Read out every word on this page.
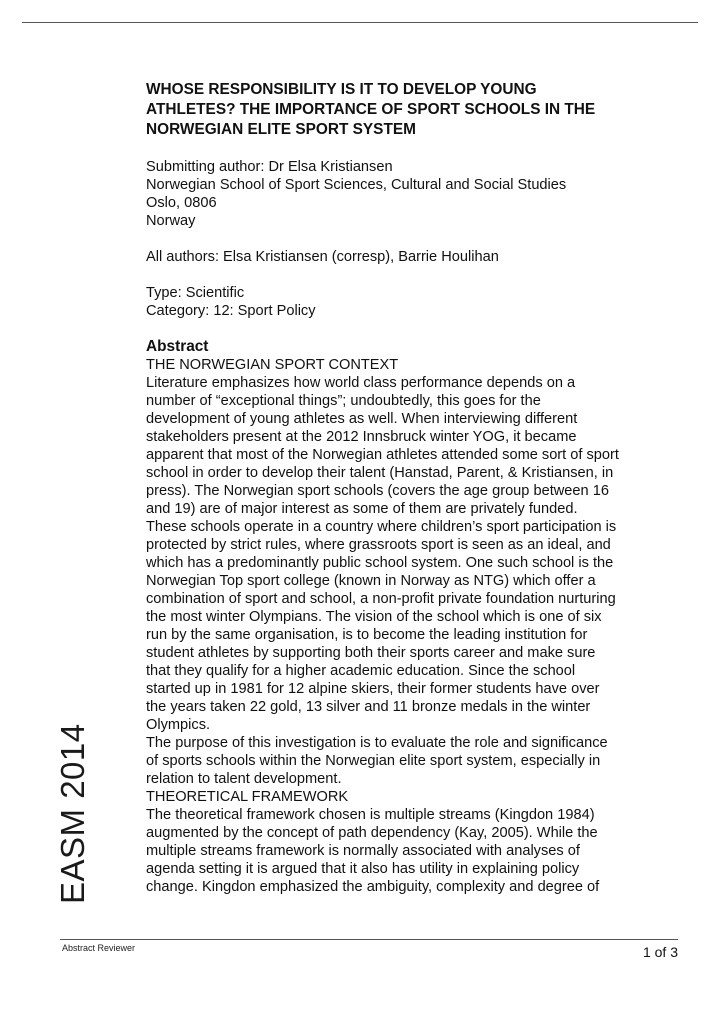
EASM 2014
WHOSE RESPONSIBILITY IS IT TO DEVELOP YOUNG
ATHLETES? THE IMPORTANCE OF SPORT SCHOOLS IN THE
NORWEGIAN ELITE SPORT SYSTEM
Submitting author: Dr Elsa Kristiansen
Norwegian School of Sport Sciences, Cultural and Social Studies
Oslo, 0806
Norway
All authors: Elsa Kristiansen (corresp), Barrie Houlihan
Type: Scientific
Category: 12: Sport Policy
Abstract
THE NORWEGIAN SPORT CONTEXT
Literature emphasizes how world class performance depends on a
number of “exceptional things”; undoubtedly, this goes for the
development of young athletes as well. When interviewing different
stakeholders present at the 2012 Innsbruck winter YOG, it became
apparent that most of the Norwegian athletes attended some sort of sport
school in order to develop their talent (Hanstad, Parent, & Kristiansen, in
press). The Norwegian sport schools (covers the age group between 16
and 19) are of major interest as some of them are privately funded.
These schools operate in a country where children’s sport participation is
protected by strict rules, where grassroots sport is seen as an ideal, and
which has a predominantly public school system. One such school is the
Norwegian Top sport college (known in Norway as NTG) which offer a
combination of sport and school, a non-profit private foundation nurturing
the most winter Olympians. The vision of the school which is one of six
run by the same organisation, is to become the leading institution for
student athletes by supporting both their sports career and make sure
that they qualify for a higher academic education. Since the school
started up in 1981 for 12 alpine skiers, their former students have over
the years taken 22 gold, 13 silver and 11 bronze medals in the winter
Olympics.
The purpose of this investigation is to evaluate the role and significance
of sports schools within the Norwegian elite sport system, especially in
relation to talent development.
THEORETICAL FRAMEWORK
The theoretical framework chosen is multiple streams (Kingdon 1984)
augmented by the concept of path dependency (Kay, 2005). While the
multiple streams framework is normally associated with analyses of
agenda setting it is argued that it also has utility in explaining policy
change. Kingdon emphasized the ambiguity, complexity and degree of
Abstract Reviewer	1 of 3
